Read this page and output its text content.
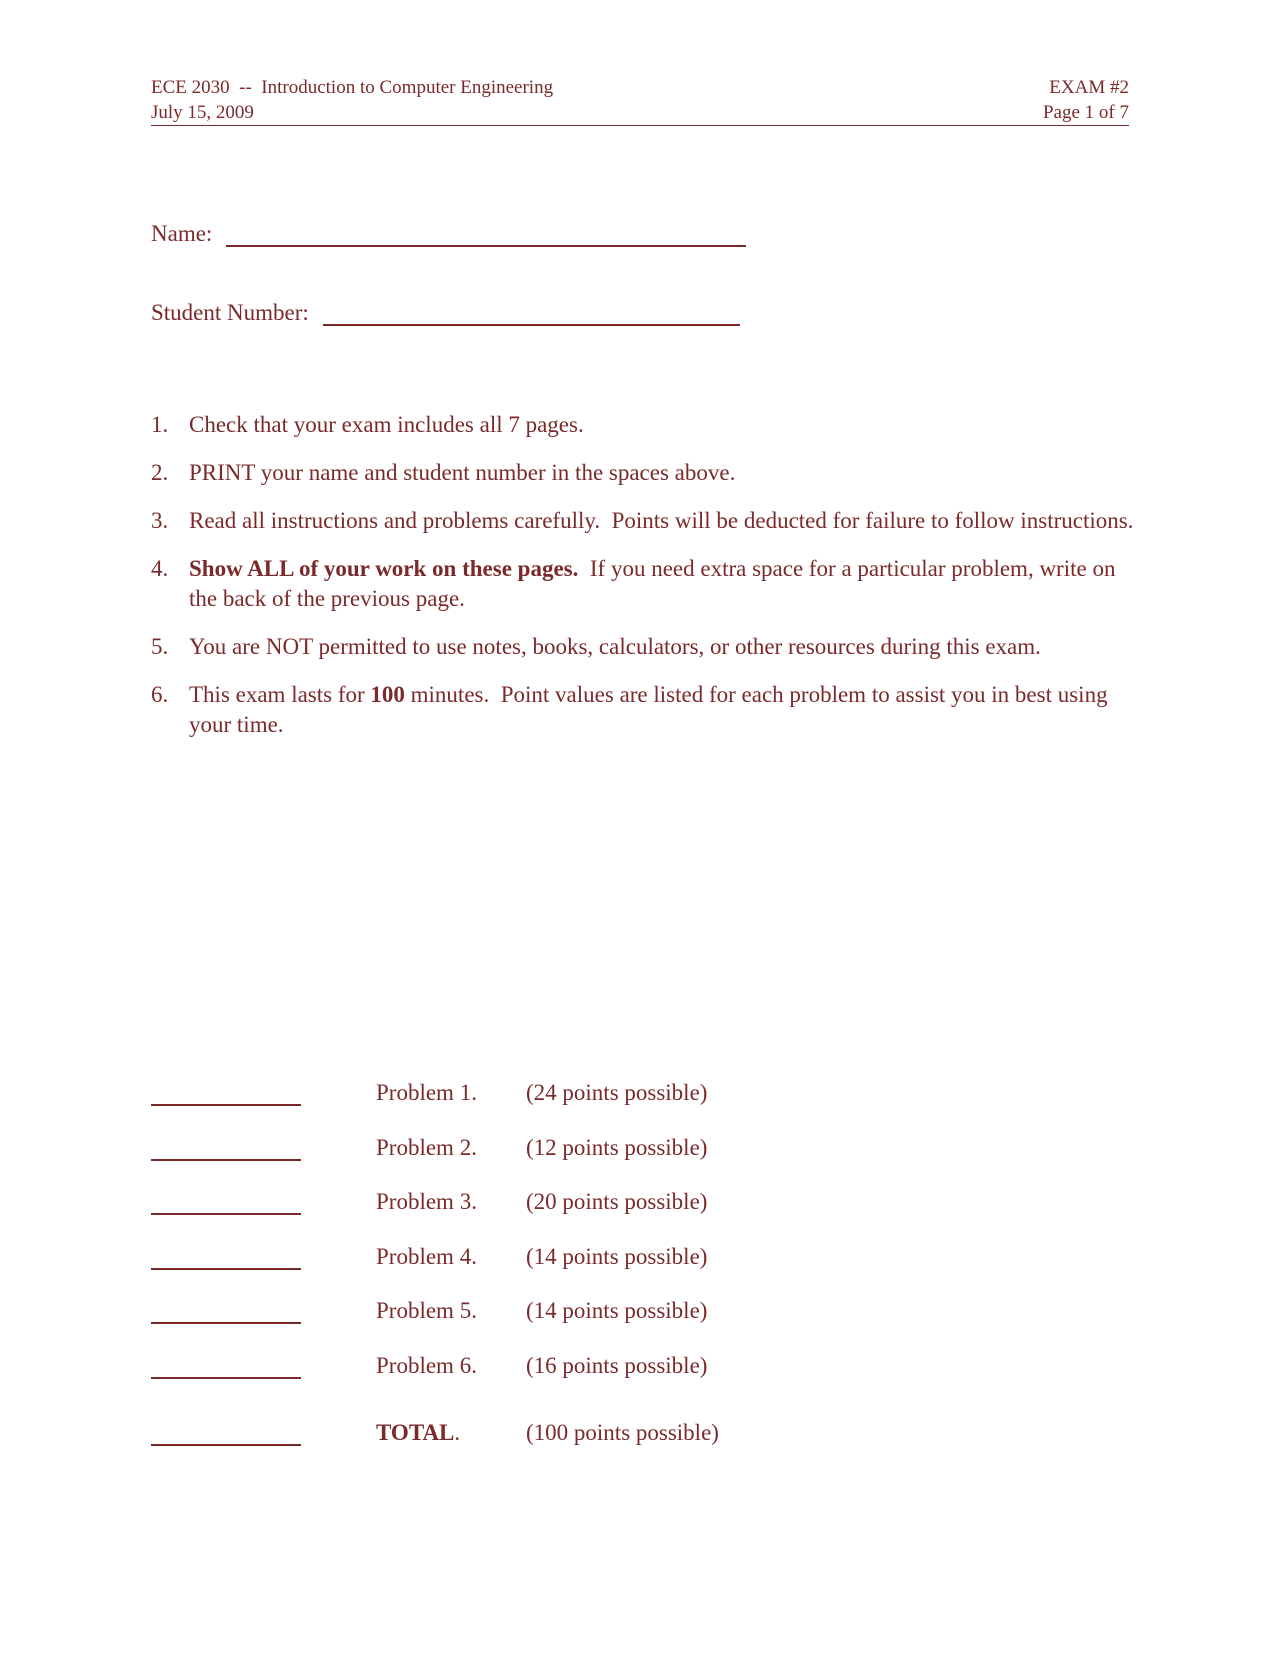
ECE 2030  --  Introduction to Computer Engineering	EXAM #2
July 15, 2009	Page 1 of 7
Name:
Student Number:
1. Check that your exam includes all 7 pages.
2. PRINT your name and student number in the spaces above.
3. Read all instructions and problems carefully.  Points will be deducted for failure to follow instructions.
4. Show ALL of your work on these pages.  If you need extra space for a particular problem, write on the back of the previous page.
5. You are NOT permitted to use notes, books, calculators, or other resources during this exam.
6. This exam lasts for 100 minutes.  Point values are listed for each problem to assist you in best using your time.
Problem 1. (24 points possible)
Problem 2. (12 points possible)
Problem 3. (20 points possible)
Problem 4. (14 points possible)
Problem 5. (14 points possible)
Problem 6. (16 points possible)
TOTAL.	(100 points possible)
